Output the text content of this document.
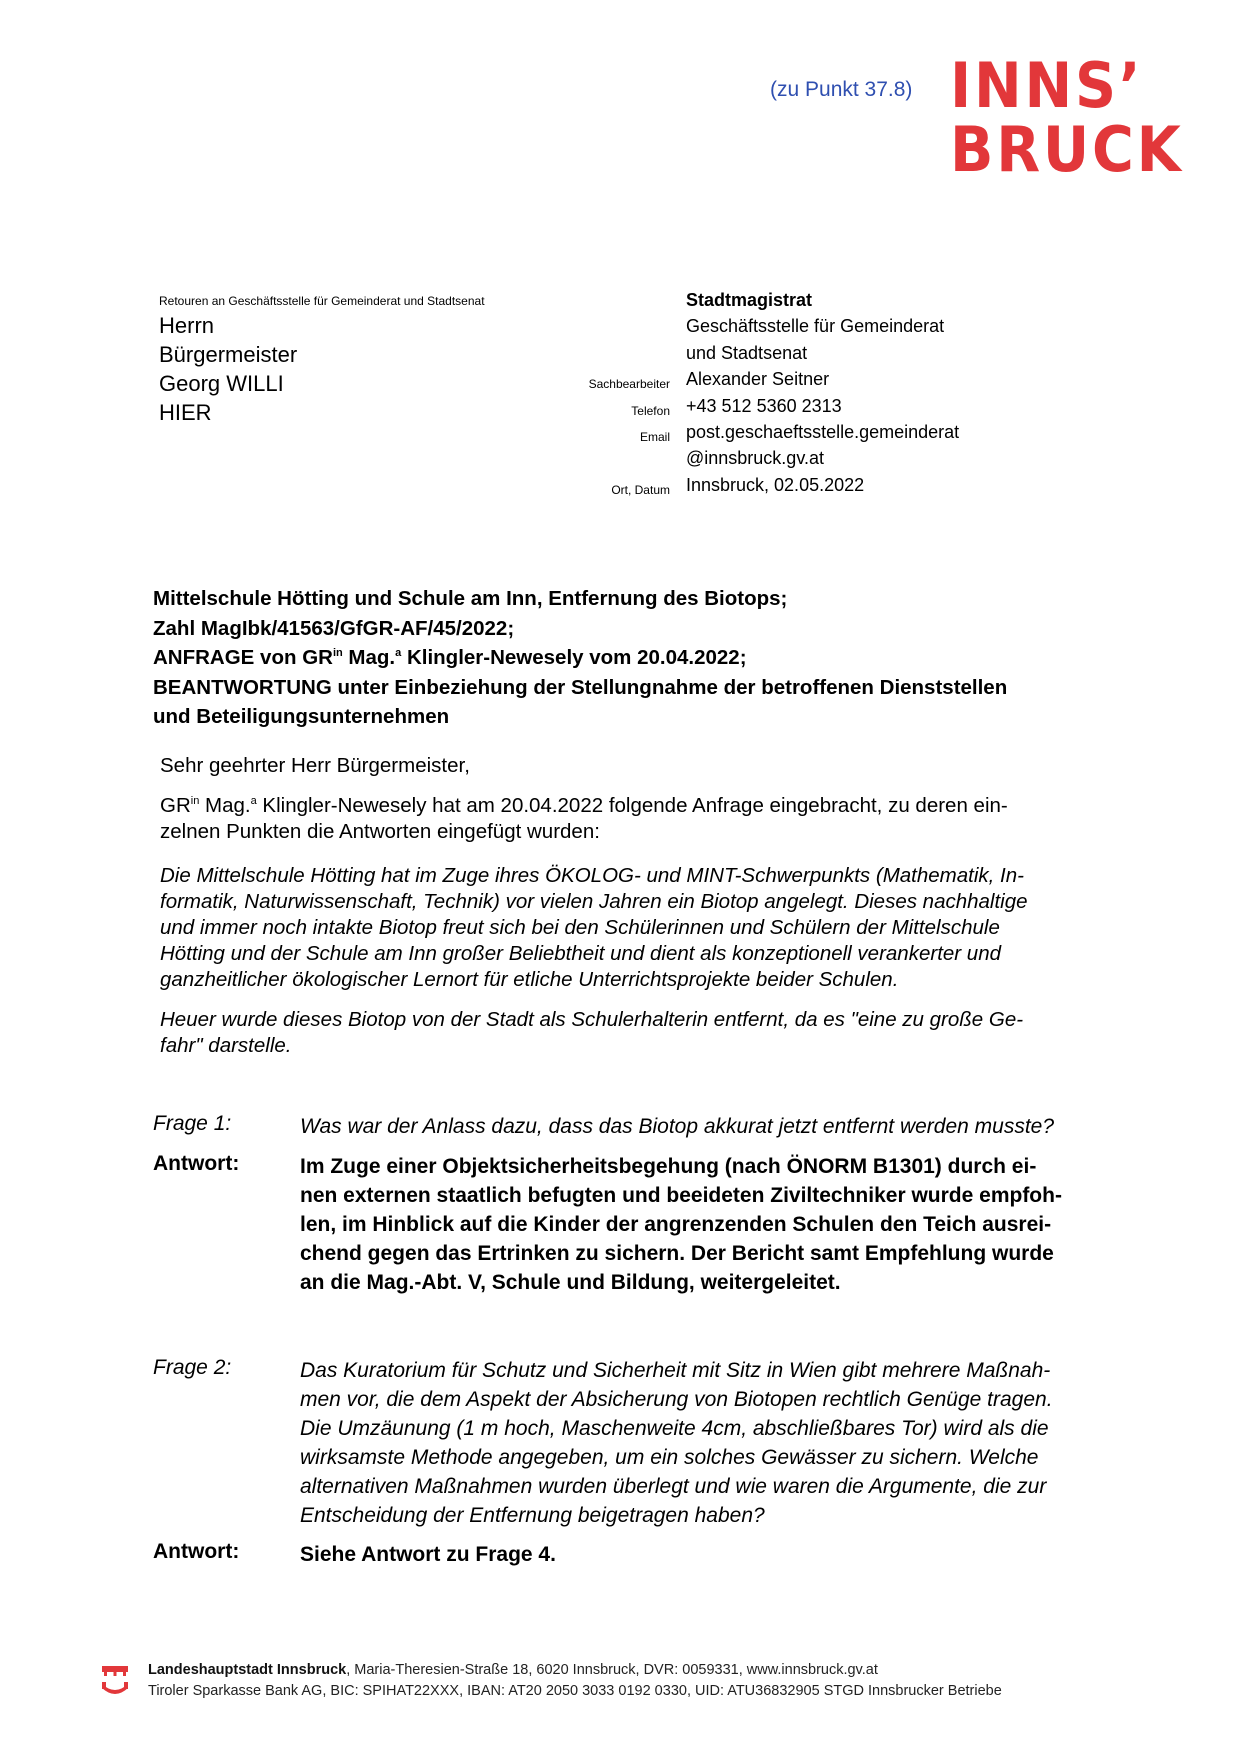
(zu Punkt 37.8) INNS’
BRUCK
Retouren an Geschäftsstelle für Gemeinderat und Stadtsenat
Herrn
Bürgermeister
Georg WILLI
HIER
Stadtmagistrat
Geschäftsstelle für Gemeinderat
und Stadtsenat
Sachbearbeiter Alexander Seitner
Telefon +43 512 5360 2313
Email post.geschaeftsstelle.gemeinderat
@innsbruck.gv.at
Ort, Datum Innsbruck, 02.05.2022
Mittelschule Hötting und Schule am Inn, Entfernung des Biotops;
Zahl MagIbk/41563/GfGR-AF/45/2022;
ANFRAGE von $GR^{in}$ Mag.$^a$ Klingler-Newesely vom 20.04.2022;
BEANTWORTUNG unter Einbeziehung der Stellungnahme der betroffenen Dienststellen
und Beteiligungsunternehmen
Sehr geehrter Herr Bürgermeister,
$GR^{in}$ Mag.$^a$ Klingler-Newesely hat am 20.04.2022 folgende Anfrage eingebracht, zu deren ein-
zelnen Punkten die Antworten eingefügt wurden:
Die Mittelschule Hötting hat im Zuge ihres ÖKOLOG- und MINT-Schwerpunkts (Mathematik, In-
formatik, Naturwissenschaft, Technik) vor vielen Jahren ein Biotop angelegt. Dieses nachhaltige
und immer noch intakte Biotop freut sich bei den Schülerinnen und Schülern der Mittelschule
Hötting und der Schule am Inn großer Beliebtheit und dient als konzeptionell verankerter und
ganzheitlicher ökologischer Lernort für etliche Unterrichtsprojekte beider Schulen.
Heuer wurde dieses Biotop von der Stadt als Schulerhalterin entfernt, da es "eine zu große Ge-
fahr" darstelle.
Frage 1:	Was war der Anlass dazu, dass das Biotop akkurat jetzt entfernt werden musste?
Antwort:	Im Zuge einer Objektsicherheitsbegehung (nach ÖNORM B1301) durch ei-
nen externen staatlich befugten und beeideten Ziviltechniker wurde empfoh-
len, im Hinblick auf die Kinder der angrenzenden Schulen den Teich ausrei-
chend gegen das Ertrinken zu sichern. Der Bericht samt Empfehlung wurde
an die Mag.-Abt. V, Schule und Bildung, weitergeleitet.
Frage 2:	Das Kuratorium für Schutz und Sicherheit mit Sitz in Wien gibt mehrere Maßnah-
men vor, die dem Aspekt der Absicherung von Biotopen rechtlich Genüge tragen.
Die Umzäunung (1 m hoch, Maschenweite 4cm, abschließbares Tor) wird als die
wirksamste Methode angegeben, um ein solches Gewässer zu sichern. Welche
alternativen Maßnahmen wurden überlegt und wie waren die Argumente, die zur
Entscheidung der Entfernung beigetragen haben?
Antwort:	Siehe Antwort zu Frage 4.
Landeshauptstadt Innsbruck, Maria-Theresien-Straße 18, 6020 Innsbruck, DVR: 0059331, www.innsbruck.gv.at
Tiroler Sparkasse Bank AG, BIC: SPIHAT22XXX, IBAN: AT20 2050 3033 0192 0330, UID: ATU36832905 STGD Innsbrucker Betriebe
